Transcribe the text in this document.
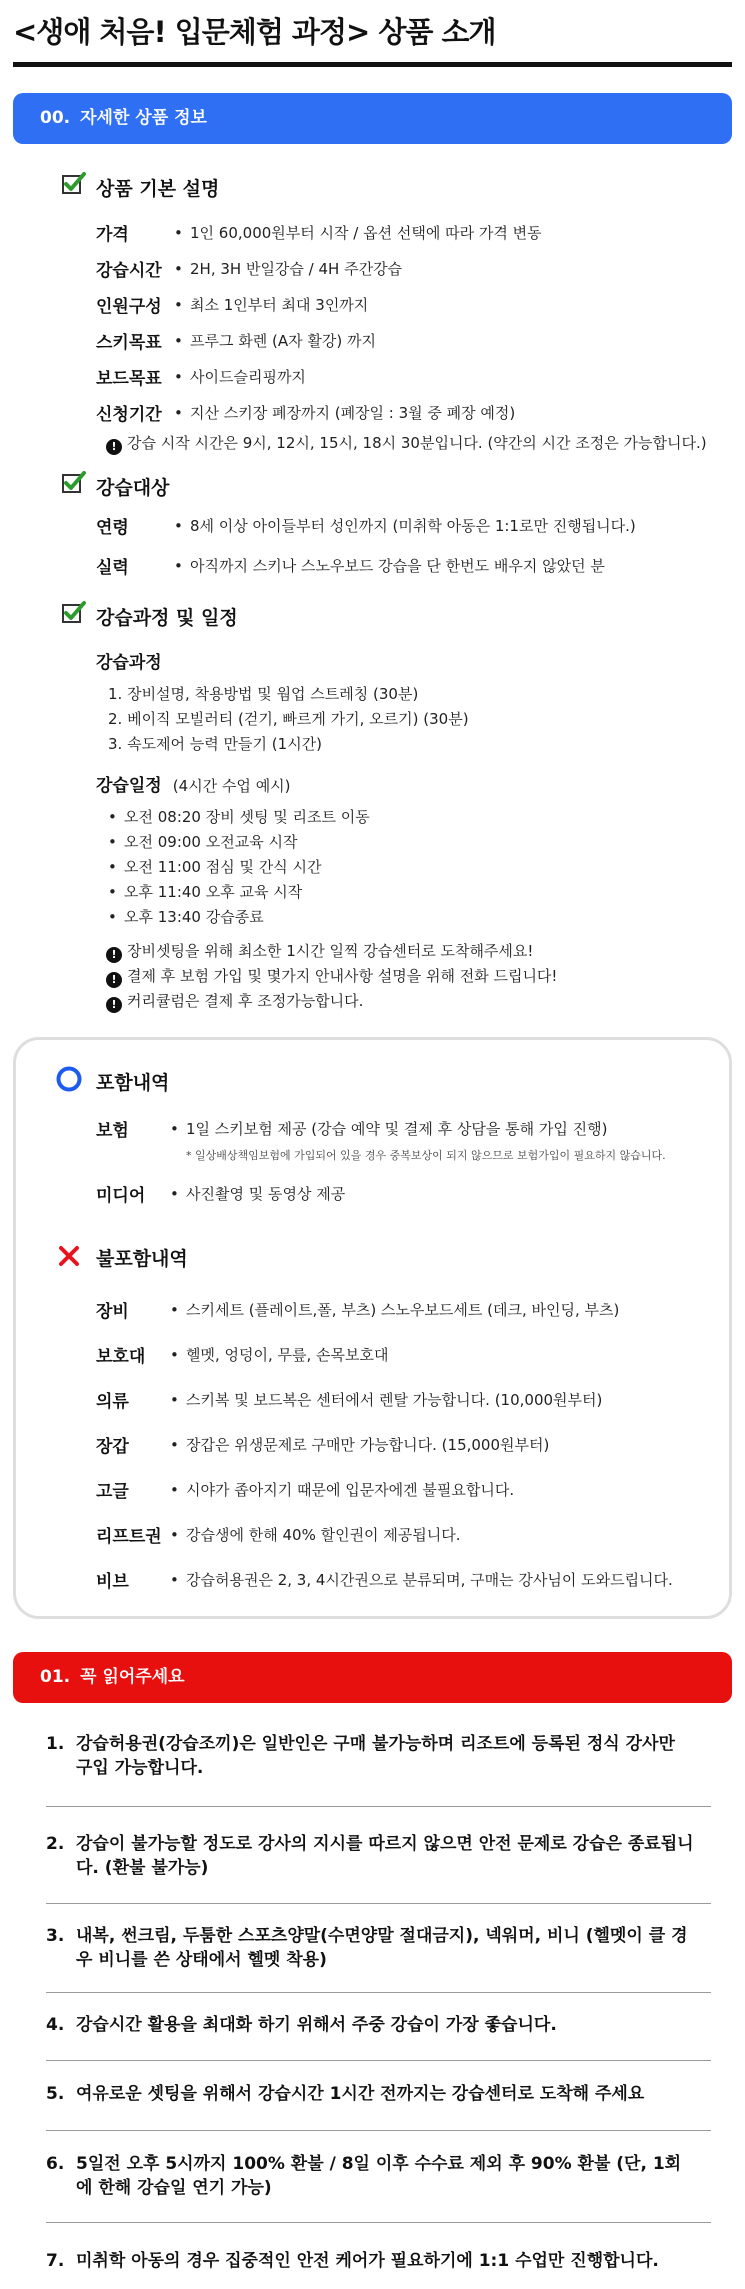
<생애 처음! 입문체험 과정> 상품 소개
00. 자세한 상품 정보
상품 기본 설명
가격	• 1인 60,000원부터 시작 / 옵션 선택에 따라 가격 변동
강습시간	• 2H, 3H 반일강습 / 4H 주간강습
인원구성	• 최소 1인부터 최대 3인까지
스키목표	• 프루그 화렌 (A자 활강) 까지
보드목표	• 사이드슬리핑까지
신청기간	• 지산 스키장 폐장까지 (폐장일 : 3월 중 폐장 예정)
! 강습 시작 시간은 9시, 12시, 15시, 18시 30분입니다. (약간의 시간 조정은 가능합니다.)
강습대상
연령	• 8세 이상 아이들부터 성인까지 (미취학 아동은 1:1로만 진행됩니다.)
실력	• 아직까지 스키나 스노우보드 강습을 단 한번도 배우지 않았던 분
강습과정 및 일정
강습과정
1. 장비설명, 착용방법 및 웜업 스트레칭 (30분)
2. 베이직 모빌러티 (걷기, 빠르게 가기, 오르기) (30분)
3. 속도제어 능력 만들기 (1시간)
강습일정 (4시간 수업 예시)
• 오전 08:20 장비 셋팅 및 리조트 이동
• 오전 09:00 오전교육 시작
• 오전 11:00 점심 및 간식 시간
• 오후 11:40 오후 교육 시작
• 오후 13:40 강습종료
! 장비셋팅을 위해 최소한 1시간 일찍 강습센터로 도착해주세요!
! 결제 후 보험 가입 및 몇가지 안내사항 설명을 위해 전화 드립니다!
! 커리큘럼은 결제 후 조정가능합니다.
포함내역
보험	• 1일 스키보험 제공 (강습 예약 및 결제 후 상담을 통해 가입 진행)
* 일상배상책임보험에 가입되어 있을 경우 중복보상이 되지 않으므로 보험가입이 필요하지 않습니다.
미디어	• 사진촬영 및 동영상 제공
불포함내역
장비	• 스키세트 (플레이트,폴, 부츠) 스노우보드세트 (데크, 바인딩, 부츠)
보호대	• 헬멧, 엉덩이, 무릎, 손목보호대
의류	• 스키복 및 보드복은 센터에서 렌탈 가능합니다. (10,000원부터)
장갑	• 장갑은 위생문제로 구매만 가능합니다. (15,000원부터)
고글	• 시야가 좁아지기 때문에 입문자에겐 불필요합니다.
리프트권	• 강습생에 한해 40% 할인권이 제공됩니다.
비브	• 강습허용권은 2, 3, 4시간권으로 분류되며, 구매는 강사님이 도와드립니다.
01. 꼭 읽어주세요
1. 강습허용권(강습조끼)은 일반인은 구매 불가능하며 리조트에 등록된 정식 강사만 구입 가능합니다.
2. 강습이 불가능할 정도로 강사의 지시를 따르지 않으면 안전 문제로 강습은 종료됩니다. (환불 불가능)
3. 내복, 썬크림, 두툼한 스포츠양말(수면양말 절대금지), 넥워머, 비니 (헬멧이 클 경우 비니를 쓴 상태에서 헬멧 착용)
4. 강습시간 활용을 최대화 하기 위해서 주중 강습이 가장 좋습니다.
5. 여유로운 셋팅을 위해서 강습시간 1시간 전까지는 강습센터로 도착해 주세요
6. 5일전 오후 5시까지 100% 환불 / 8일 이후 수수료 제외 후 90% 환불 (단, 1회에 한해 강습일 연기 가능)
7. 미취학 아동의 경우 집중적인 안전 케어가 필요하기에 1:1 수업만 진행합니다.
